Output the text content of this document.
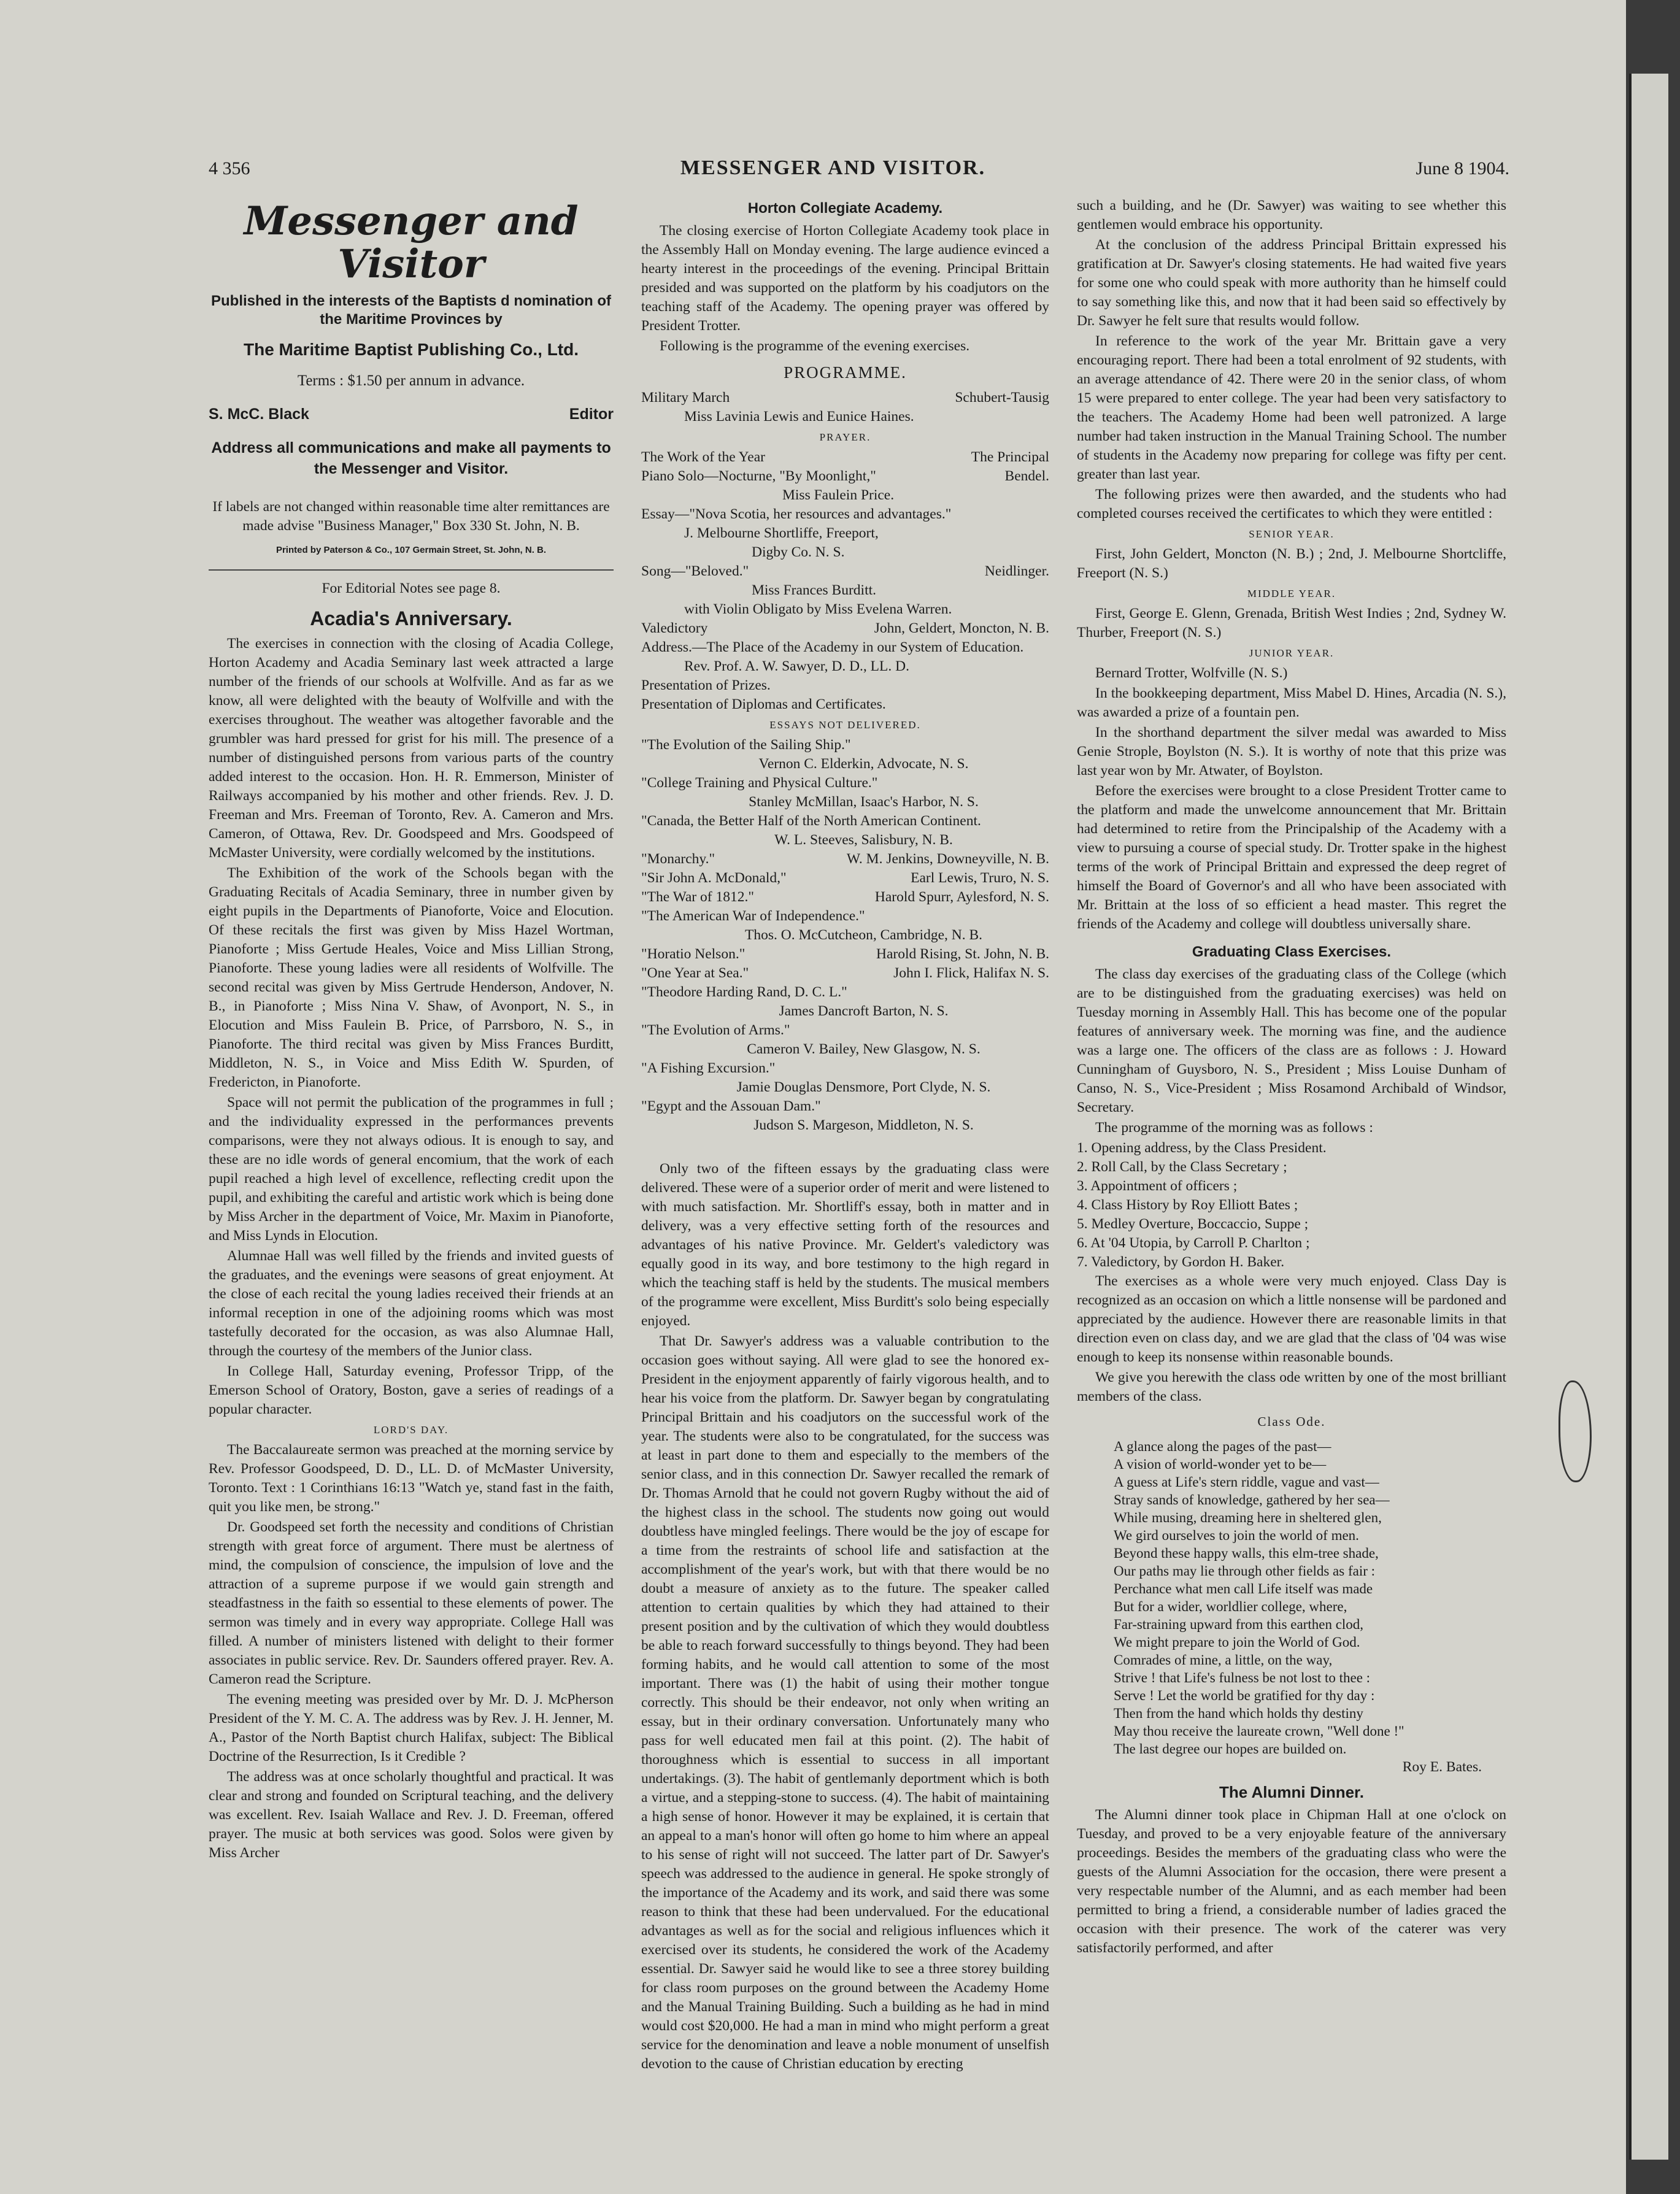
4 356	MESSENGER AND VISITOR.	June 8 1904.
Messenger and Visitor
Published in the interests of the Baptists d nomination of the Maritime Provinces by
The Maritime Baptist Publishing Co., Ltd.
Terms : $1.50 per annum in advance.
S. McC. Black	Editor
Address all communications and make all payments to the Messenger and Visitor.

If labels are not changed within reasonable time alter remittances are made advise "Business Manager," Box 330 St. John, N. B.

Printed by Paterson & Co., 107 Germain Street, St. John, N. B.
For Editorial Notes see page 8.
Acadia's Anniversary.

The exercises in connection with the closing of Acadia College, Horton Academy and Acadia Seminary last week attracted a large number of the friends of our schools at Wolfville. And as far as we know, all were delighted with the beauty of Wolfville and with the exercises throughout. The weather was altogether favorable and the grumbler was hard pressed for grist for his mill. The presence of a number of distinguished persons from various parts of the country added interest to the occasion. Hon. H. R. Emmerson, Minister of Railways accompanied by his mother and other friends. Rev. J. D. Freeman and Mrs. Freeman of Toronto, Rev. A. Cameron and Mrs. Cameron, of Ottawa, Rev. Dr. Goodspeed and Mrs. Goodspeed of McMaster University, were cordially welcomed by the institutions.

The Exhibition of the work of the Schools began with the Graduating Recitals of Acadia Seminary, three in number given by eight pupils in the Departments of Pianoforte, Voice and Elocution. Of these recitals the first was given by Miss Hazel Wortman, Pianoforte ; Miss Gertude Heales, Voice and Miss Lillian Strong, Pianoforte. These young ladies were all residents of Wolfville. The second recital was given by Miss Gertrude Henderson, Andover, N. B., in Pianoforte ; Miss Nina V. Shaw, of Avonport, N. S., in Elocution and Miss Faulein B. Price, of Parrsboro, N. S., in Pianoforte. The third recital was given by Miss Frances Burditt, Middleton, N. S., in Voice and Miss Edith W. Spurden, of Fredericton, in Pianoforte.

Space will not permit the publication of the programmes in full ; and the individuality expressed in the performances prevents comparisons, were they not always odious. It is enough to say, and these are no idle words of general encomium, that the work of each pupil reached a high level of excellence, reflecting credit upon the pupil, and exhibiting the careful and artistic work which is being done by Miss Archer in the department of Voice, Mr. Maxim in Pianoforte, and Miss Lynds in Elocution.

Alumnae Hall was well filled by the friends and invited guests of the graduates, and the evenings were seasons of great enjoyment. At the close of each recital the young ladies received their friends at an informal reception in one of the adjoining rooms which was most tastefully decorated for the occasion, as was also Alumnae Hall, through the courtesy of the members of the Junior class.

In College Hall, Saturday evening, Professor Tripp, of the Emerson School of Oratory, Boston, gave a series of readings of a popular character.

LORD'S DAY.

The Baccalaureate sermon was preached at the morning service by Rev. Professor Goodspeed, D. D., LL. D. of McMaster University, Toronto. Text : 1 Corinthians 16:13 "Watch ye, stand fast in the faith, quit you like men, be strong."

Dr. Goodspeed set forth the necessity and conditions of Christian strength with great force of argument. There must be alertness of mind, the compulsion of conscience, the impulsion of love and the attraction of a supreme purpose if we would gain strength and steadfastness in the faith so essential to these elements of power. The sermon was timely and in every way appropriate. College Hall was filled. A number of ministers listened with delight to their former associates in public service. Rev. Dr. Saunders offered prayer. Rev. A. Cameron read the Scripture.

The evening meeting was presided over by Mr. D. J. McPherson President of the Y. M. C. A. The address was by Rev. J. H. Jenner, M. A., Pastor of the North Baptist church Halifax, subject: The Biblical Doctrine of the Resurrection, Is it Credible ?

The address was at once scholarly thoughtful and practical. It was clear and strong and founded on Scriptural teaching, and the delivery was excellent. Rev. Isaiah Wallace and Rev. J. D. Freeman, offered prayer. The music at both services was good. Solos were given by Miss Archer

Horton Collegiate Academy.

The closing exercise of Horton Collegiate Academy took place in the Assembly Hall on Monday evening. The large audience evinced a hearty interest in the proceedings of the evening. Principal Brittain presided and was supported on the platform by his coadjutors on the teaching staff of the Academy. The opening prayer was offered by President Trotter.

Following is the programme of the evening exercises.

PROGRAMME.
Military March	Schubert-Tausig
Miss Lavinia Lewis and Eunice Haines.
PRAYER.
The Work of the Year	The Principal
Piano Solo—Nocturne, "By Moonlight,"	Bendel.
Miss Faulein Price.
Essay—"Nova Scotia, her resources and advantages."
J. Melbourne Shortliffe, Freeport,
Digby Co. N. S.
Song—"Beloved."	Neidlinger.
Miss Frances Burditt.
with Violin Obligato by Miss Evelena Warren.
Valedictory	John, Geldert, Moncton, N. B.
Address.—The Place of the Academy in our System of Education.
Rev. Prof. A. W. Sawyer, D. D., LL. D.
Presentation of Prizes.
Presentation of Diplomas and Certificates.
ESSAYS NOT DELIVERED.
"The Evolution of the Sailing Ship."
Vernon C. Elderkin, Advocate, N. S.
"College Training and Physical Culture."
Stanley McMillan, Isaac's Harbor, N. S.
"Canada, the Better Half of the North American Continent.
W. L. Steeves, Salisbury, N. B.
"Monarchy."	W. M. Jenkins, Downeyville, N. B.
"Sir John A. McDonald,"	Earl Lewis, Truro, N. S.
"The War of 1812."	Harold Spurr, Aylesford, N. S.
"The American War of Independence."
Thos. O. McCutcheon, Cambridge, N. B.
"Horatio Nelson."	Harold Rising, St. John, N. B.
"One Year at Sea."	John I. Flick, Halifax N. S.
"Theodore Harding Rand, D. C. L."
James Dancroft Barton, N. S.
"The Evolution of Arms."
Cameron V. Bailey, New Glasgow, N. S.
"A Fishing Excursion."
Jamie Douglas Densmore, Port Clyde, N. S.
"Egypt and the Assouan Dam."
Judson S. Margeson, Middleton, N. S.

Only two of the fifteen essays by the graduating class were delivered. These were of a superior order of merit and were listened to with much satisfaction. Mr. Shortliff's essay, both in matter and in delivery, was a very effective setting forth of the resources and advantages of his native Province. Mr. Geldert's valedictory was equally good in its way, and bore testimony to the high regard in which the teaching staff is held by the students. The musical members of the programme were excellent, Miss Burditt's solo being especially enjoyed.

That Dr. Sawyer's address was a valuable contribution to the occasion goes without saying. All were glad to see the honored ex-President in the enjoyment apparently of fairly vigorous health, and to hear his voice from the platform. Dr. Sawyer began by congratulating Principal Brittain and his coadjutors on the successful work of the year. The students were also to be congratulated, for the success was at least in part done to them and especially to the members of the senior class, and in this connection Dr. Sawyer recalled the remark of Dr. Thomas Arnold that he could not govern Rugby without the aid of the highest class in the school. The students now going out would doubtless have mingled feelings. There would be the joy of escape for a time from the restraints of school life and satisfaction at the accomplishment of the year's work, but with that there would be no doubt a measure of anxiety as to the future. The speaker called attention to certain qualities by which they had attained to their present position and by the cultivation of which they would doubtless be able to reach forward successfully to things beyond. They had been forming habits, and he would call attention to some of the most important. There was (1) the habit of using their mother tongue correctly. This should be their endeavor, not only when writing an essay, but in their ordinary conversation. Unfortunately many who pass for well educated men fail at this point. (2). The habit of thoroughness which is essential to success in all important undertakings. (3). The habit of gentlemanly deportment which is both a virtue, and a stepping-stone to success. (4). The habit of maintaining a high sense of honor. However it may be explained, it is certain that an appeal to a man's honor will often go home to him where an appeal to his sense of right will not succeed. The latter part of Dr. Sawyer's speech was addressed to the audience in general. He spoke strongly of the importance of the Academy and its work, and said there was some reason to think that these had been undervalued. For the educational advantages as well as for the social and religious influences which it exercised over its students, he considered the work of the Academy essential. Dr. Sawyer said he would like to see a three storey building for class room purposes on the ground between the Academy Home and the Manual Training Building. Such a building as he had in mind would cost $20,000. He had a man in mind who might perform a great service for the denomination and leave a noble monument of unselfish devotion to the cause of Christian education by erecting

such a building, and he (Dr. Sawyer) was waiting to see whether this gentlemen would embrace his opportunity.

At the conclusion of the address Principal Brittain expressed his gratification at Dr. Sawyer's closing statements. He had waited five years for some one who could speak with more authority than he himself could to say something like this, and now that it had been said so effectively by Dr. Sawyer he felt sure that results would follow.

In reference to the work of the year Mr. Brittain gave a very encouraging report. There had been a total enrolment of 92 students, with an average attendance of 42. There were 20 in the senior class, of whom 15 were prepared to enter college. The year had been very satisfactory to the teachers. The Academy Home had been well patronized. A large number had taken instruction in the Manual Training School. The number of students in the Academy now preparing for college was fifty per cent. greater than last year.

The following prizes were then awarded, and the students who had completed courses received the certificates to which they were entitled :

SENIOR YEAR.

First, John Geldert, Moncton (N. B.) ; 2nd, J. Melbourne Shortcliffe, Freeport (N. S.)

MIDDLE YEAR.

First, George E. Glenn, Grenada, British West Indies ; 2nd, Sydney W. Thurber, Freeport (N. S.)

JUNIOR YEAR.

Bernard Trotter, Wolfville (N. S.)

In the bookkeeping department, Miss Mabel D. Hines, Arcadia (N. S.), was awarded a prize of a fountain pen.

In the shorthand department the silver medal was awarded to Miss Genie Strople, Boylston (N. S.). It is worthy of note that this prize was last year won by Mr. Atwater, of Boylston.

Before the exercises were brought to a close President Trotter came to the platform and made the unwelcome announcement that Mr. Brittain had determined to retire from the Principalship of the Academy with a view to pursuing a course of special study. Dr. Trotter spake in the highest terms of the work of Principal Brittain and expressed the deep regret of himself the Board of Governor's and all who have been associated with Mr. Brittain at the loss of so efficient a head master. This regret the friends of the Academy and college will doubtless universally share.

Graduating Class Exercises.

The class day exercises of the graduating class of the College (which are to be distinguished from the graduating exercises) was held on Tuesday morning in Assembly Hall. This has become one of the popular features of anniversary week. The morning was fine, and the audience was a large one. The officers of the class are as follows : J. Howard Cunningham of Guysboro, N. S., President ; Miss Louise Dunham of Canso, N. S., Vice-President ; Miss Rosamond Archibald of Windsor, Secretary.

The programme of the morning was as follows :

1. Opening address, by the Class President.
2. Roll Call, by the Class Secretary ;
3. Appointment of officers ;
4. Class History by Roy Elliott Bates ;
5. Medley Overture, Boccaccio, Suppe ;
6. At '04 Utopia, by Carroll P. Charlton ;
7. Valedictory, by Gordon H. Baker.

The exercises as a whole were very much enjoyed. Class Day is recognized as an occasion on which a little nonsense will be pardoned and appreciated by the audience. However there are reasonable limits in that direction even on class day, and we are glad that the class of '04 was wise enough to keep its nonsense within reasonable bounds.

We give you herewith the class ode written by one of the most brilliant members of the class.

Class Ode.
A glance along the pages of the past—
A vision of world-wonder yet to be—
A guess at Life's stern riddle, vague and vast—
Stray sands of knowledge, gathered by her sea—
While musing, dreaming here in sheltered glen,
We gird ourselves to join the world of men.
Beyond these happy walls, this elm-tree shade,
Our paths may lie through other fields as fair :
Perchance what men call Life itself was made
But for a wider, worldlier college, where,
Far-straining upward from this earthen clod,
We might prepare to join the World of God.
Comrades of mine, a little, on the way,
Strive ! that Life's fulness be not lost to thee :
Serve ! Let the world be gratified for thy day :
Then from the hand which holds thy destiny
May thou receive the laureate crown, "Well done !"
The last degree our hopes are builded on.
Roy E. Bates.
The Alumni Dinner.

The Alumni dinner took place in Chipman Hall at one o'clock on Tuesday, and proved to be a very enjoyable feature of the anniversary proceedings. Besides the members of the graduating class who were the guests of the Alumni Association for the occasion, there were present a very respectable number of the Alumni, and as each member had been permitted to bring a friend, a considerable number of ladies graced the occasion with their presence. The work of the caterer was very satisfactorily performed, and after
